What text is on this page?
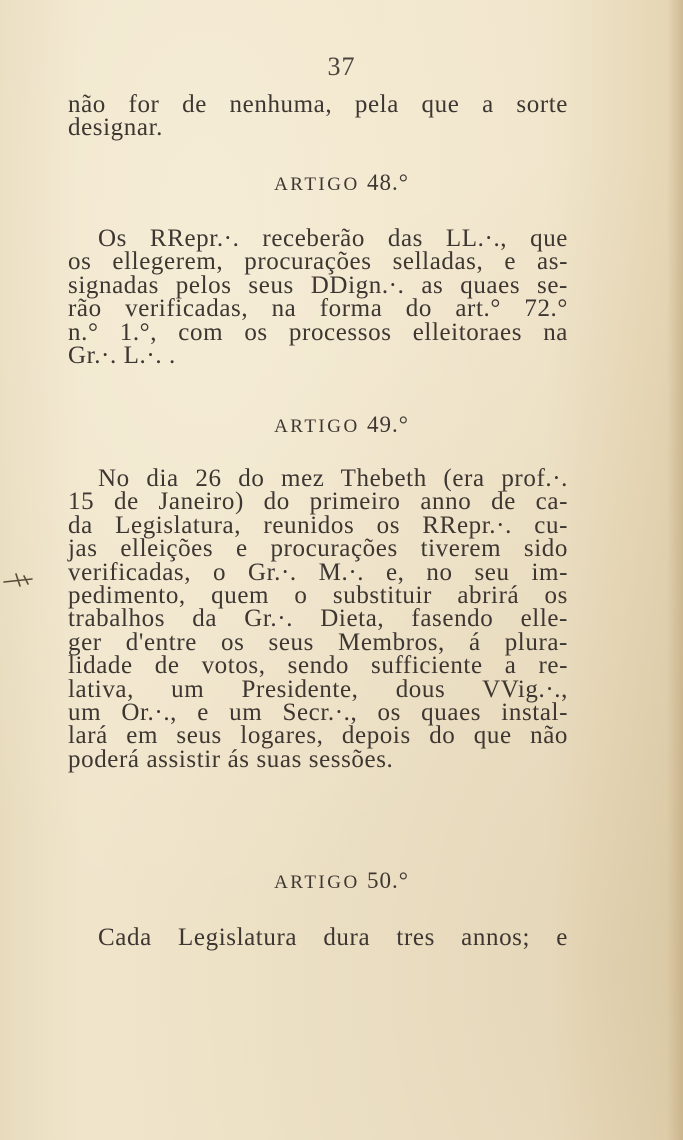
37
não for de nenhuma, pela que a sorte
designar.
ARTIGO 48.°
Os RRepr.·. receberão das LL.·., que
os ellegerem, procurações selladas, e as-
signadas pelos seus DDign.·. as quaes se-
rão verificadas, na forma do art.° 72.°
n.° 1.°, com os processos elleitoraes na
Gr.·. L.·. .
ARTIGO 49.°
No dia 26 do mez Thebeth (era prof.·.
15 de Janeiro) do primeiro anno de ca-
da Legislatura, reunidos os RRepr.·. cu-
jas elleições e procurações tiverem sido
verificadas, o Gr.·. M.·. e, no seu im-
pedimento, quem o substituir abrirá os
trabalhos da Gr.·. Dieta, fasendo elle-
ger d'entre os seus Membros, á plura-
lidade de votos, sendo sufficiente a re-
lativa, um Presidente, dous VVig.·.,
um Or.·., e um Secr.·., os quaes instal-
lará em seus logares, depois do que não
poderá assistir ás suas sessões.
ARTIGO 50.°
Cada Legislatura dura tres annos; e
